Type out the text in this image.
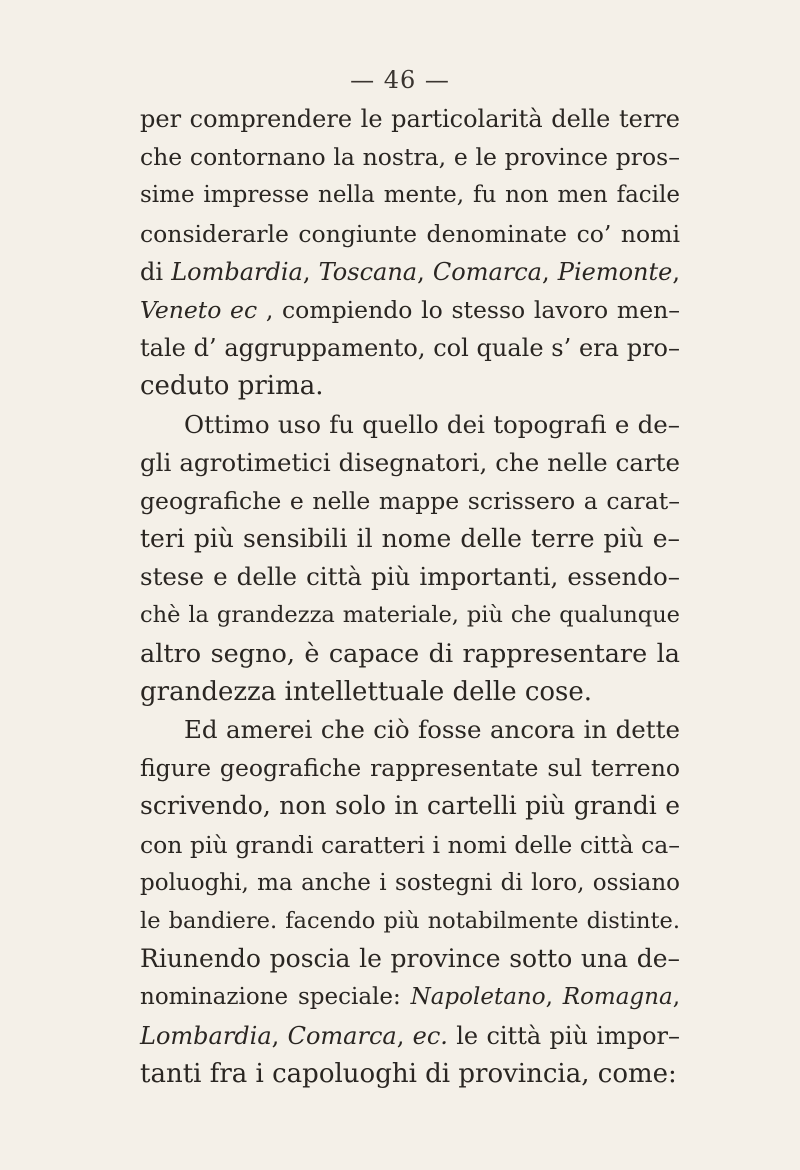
— 46 —
per comprendere le particolarità delle terre
che contornano la nostra, e le province pros–
sime impresse nella mente, fu non men facile
considerarle congiunte denominate co’ nomi
di Lombardia, Toscana, Comarca, Piemonte,
Veneto ec , compiendo lo stesso lavoro men–
tale d’ aggruppamento, col quale s’ era pro–
ceduto prima.
Ottimo uso fu quello dei topografi e de–
gli agrotimetici disegnatori, che nelle carte
geografiche e nelle mappe scrissero a carat–
teri più sensibili il nome delle terre più e–
stese e delle città più importanti, essendo–
chè la grandezza materiale, più che qualunque
altro segno, è capace di rappresentare la
grandezza intellettuale delle cose.
Ed amerei che ciò fosse ancora in dette
figure geografiche rappresentate sul terreno
scrivendo, non solo in cartelli più grandi e
con più grandi caratteri i nomi delle città ca–
poluoghi, ma anche i sostegni di loro, ossiano
le bandiere. facendo più notabilmente distinte.
Riunendo poscia le province sotto una de–
nominazione speciale: Napoletano, Romagna,
Lombardia, Comarca, ec. le città più impor–
tanti fra i capoluoghi di provincia, come:
